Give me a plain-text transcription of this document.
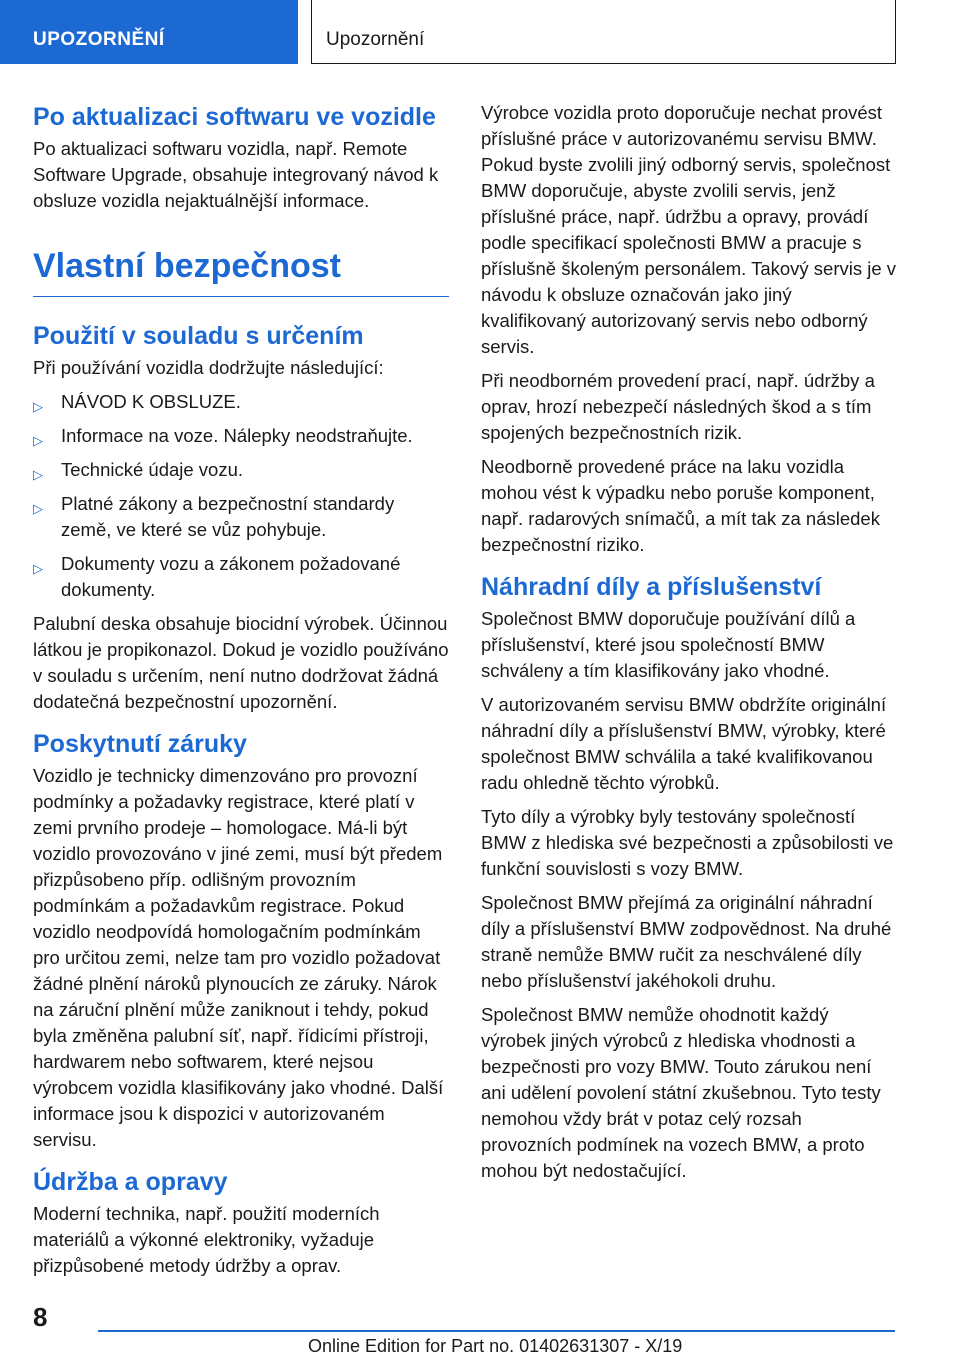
UPOZORNĚNÍ	Upozornění
Po aktualizaci softwaru ve vozidle

Po aktualizaci softwaru vozidla, např. Remote Software Upgrade, obsahuje integrovaný návod k obsluze vozidla nejaktuálnější informace.

Vlastní bezpečnost
Použití v souladu s určením

Při používání vozidla dodržujte následující:

▷ NÁVOD K OBSLUZE.
▷ Informace na voze. Nálepky neodstraňujte.
▷ Technické údaje vozu.
▷ Platné zákony a bezpečnostní standardy země, ve které se vůz pohybuje.
▷ Dokumenty vozu a zákonem požadované dokumenty.

Palubní deska obsahuje biocidní výrobek. Účinnou látkou je propikonazol. Dokud je vozidlo používáno v souladu s určením, není nutno dodržovat žádná dodatečná bezpečnostní upozornění.

Poskytnutí záruky

Vozidlo je technicky dimenzováno pro provozní podmínky a požadavky registrace, které platí v zemi prvního prodeje – homologace. Má-li být vozidlo provozováno v jiné zemi, musí být předem přizpůsobeno příp. odlišným provozním podmínkám a požadavkům registrace. Pokud vozidlo neodpovídá homologačním podmínkám pro určitou zemi, nelze tam pro vozidlo požadovat žádné plnění nároků plynoucích ze záruky. Nárok na záruční plnění může zaniknout i tehdy, pokud byla změněna palubní síť, např. řídicími přístroji, hardwarem nebo softwarem, které nejsou výrobcem vozidla klasifikovány jako vhodné. Další informace jsou k dispozici v autorizovaném servisu.

Údržba a opravy

Moderní technika, např. použití moderních materiálů a výkonné elektroniky, vyžaduje přizpůsobené metody údržby a oprav.

Výrobce vozidla proto doporučuje nechat provést příslušné práce v autorizovanému servisu BMW. Pokud byste zvolili jiný odborný servis, společnost BMW doporučuje, abyste zvolili servis, jenž příslušné práce, např. údržbu a opravy, provádí podle specifikací společnosti BMW a pracuje s příslušně školeným personálem. Takový servis je v návodu k obsluze označován jako jiný kvalifikovaný autorizovaný servis nebo odborný servis.

Při neodborném provedení prací, např. údržby a oprav, hrozí nebezpečí následných škod a s tím spojených bezpečnostních rizik.

Neodborně provedené práce na laku vozidla mohou vést k výpadku nebo poruše komponent, např. radarových snímačů, a mít tak za následek bezpečnostní riziko.

Náhradní díly a příslušenství

Společnost BMW doporučuje používání dílů a příslušenství, které jsou společností BMW schváleny a tím klasifikovány jako vhodné.

V autorizovaném servisu BMW obdržíte originální náhradní díly a příslušenství BMW, výrobky, které společnost BMW schválila a také kvalifikovanou radu ohledně těchto výrobků.

Tyto díly a výrobky byly testovány společností BMW z hlediska své bezpečnosti a způsobilosti ve funkční souvislosti s vozy BMW.

Společnost BMW přejímá za originální náhradní díly a příslušenství BMW zodpovědnost. Na druhé straně nemůže BMW ručit za neschválené díly nebo příslušenství jakéhokoli druhu.

Společnost BMW nemůže ohodnotit každý výrobek jiných výrobců z hlediska vhodnosti a bezpečnosti pro vozy BMW. Touto zárukou není ani udělení povolení státní zkušebnou. Tyto testy nemohou vždy brát v potaz celý rozsah provozních podmínek na vozech BMW, a proto mohou být nedostačující.

8
Online Edition for Part no. 01402631307 - X/19
